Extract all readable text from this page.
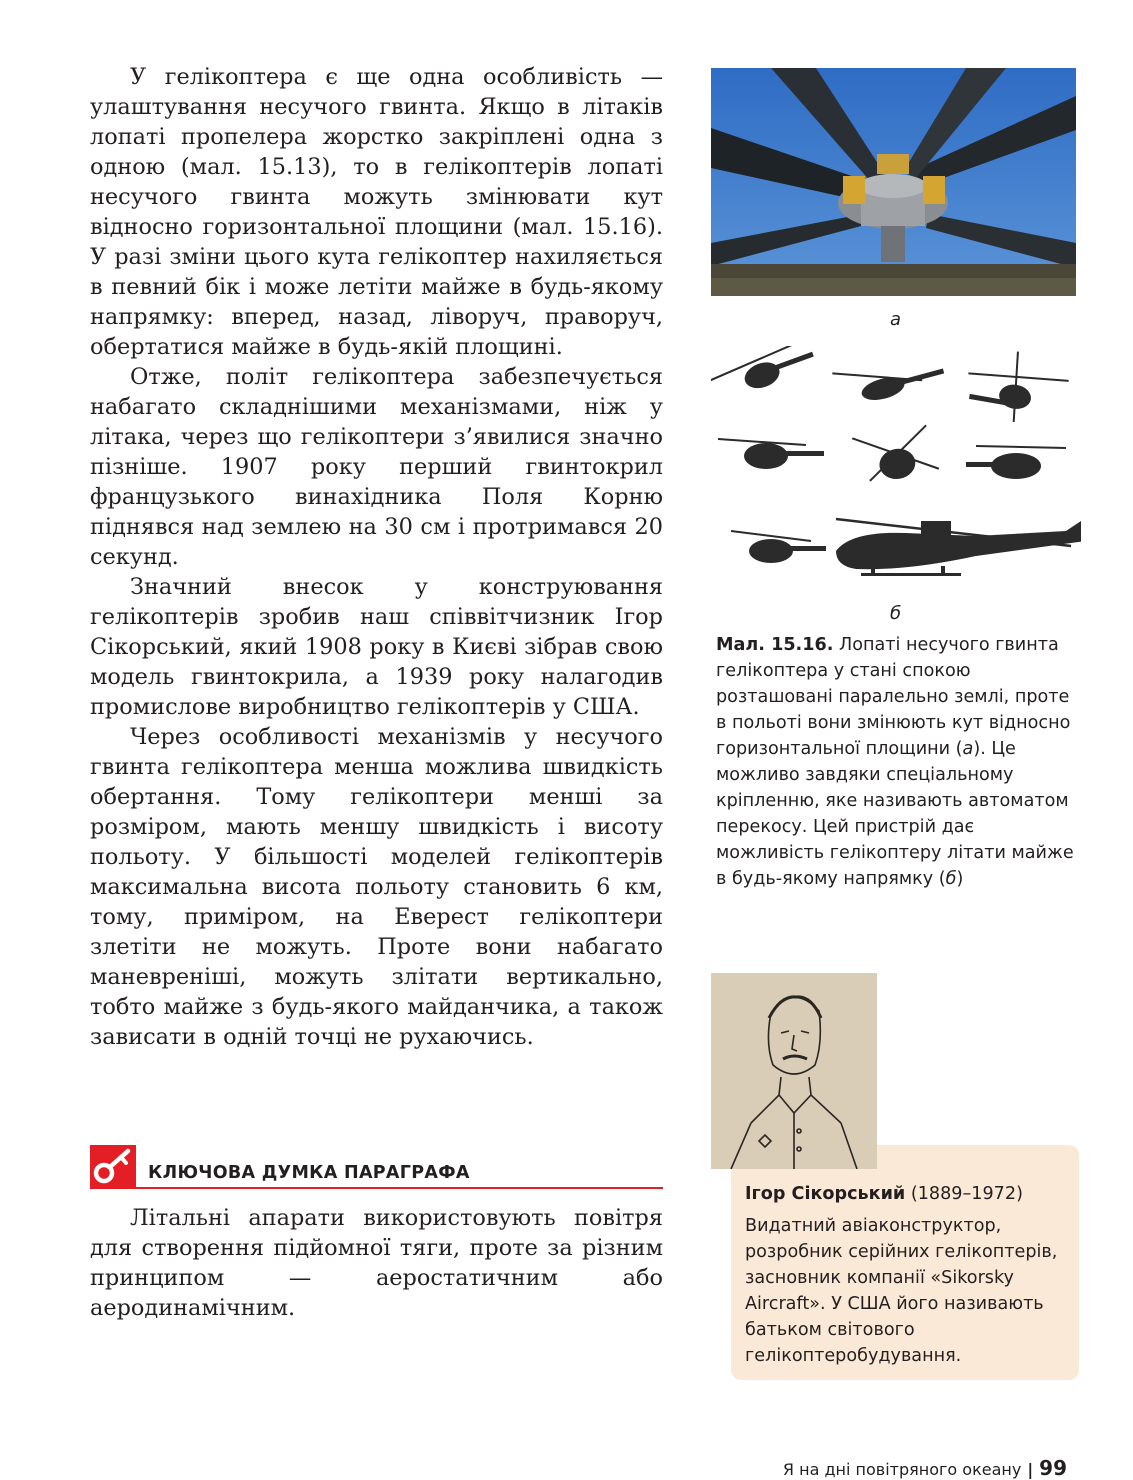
У гелікоптера є ще одна особливість — улаштування несучого гвинта. Якщо в літаків лопаті пропелера жорстко закріплені одна з одною (мал. 15.13), то в гелікоптерів лопаті несучого гвинта можуть змінювати кут відносно горизонтальної площини (мал. 15.16). У разі зміни цього кута гелікоптер нахиляється в певний бік і може летіти майже в будь-якому напрямку: вперед, назад, ліворуч, праворуч, обертатися майже в будь-якій площині.

Отже, політ гелікоптера забезпечується набагато складнішими механізмами, ніж у літака, через що гелікоптери з’явилися значно пізніше. 1907 року перший гвинтокрил французького винахідника Поля Корню піднявся над землею на 30 см і протримався 20 секунд.

Значний внесок у конструювання гелікоптерів зробив наш співвітчизник Ігор Сікорський, який 1908 року в Києві зібрав свою модель гвинтокрила, а 1939 року налагодив промислове виробництво гелікоптерів у США.

Через особливості механізмів у несучого гвинта гелікоптера менша можлива швидкість обертання. Тому гелікоптери менші за розміром, мають меншу швидкість і висоту польоту. У більшості моделей гелікоптерів максимальна висота польоту становить 6 км, тому, приміром, на Еверест гелікоптери злетіти не можуть. Проте вони набагато маневреніші, можуть злітати вертикально, тобто майже з будь-якого майданчика, а також зависати в одній точці не рухаючись.

КЛЮЧОВА ДУМКА ПАРАГРАФА

Літальні апарати використовують повітря для створення підйомної тяги, проте за різним принципом — аеростатичним або аеродинамічним.

а
б
Мал. 15.16. Лопаті несучого гвинта гелікоптера у стані спокою розташовані паралельно землі, проте в польоті вони змінюють кут відносно горизонтальної площини (а). Це можливо завдяки спеціальному кріпленню, яке називають автоматом перекосу. Цей пристрій дає можливість гелікоптеру літати майже в будь-якому напрямку (б)
Ігор Сікорський (1889–1972)
Видатний авіаконструктор, розробник серійних гелікоптерів, засновник компанії «Sikorsky Aircraft». У США його називають батьком світового гелікоптеробудування.
Я на дні повітряного океану | 99
